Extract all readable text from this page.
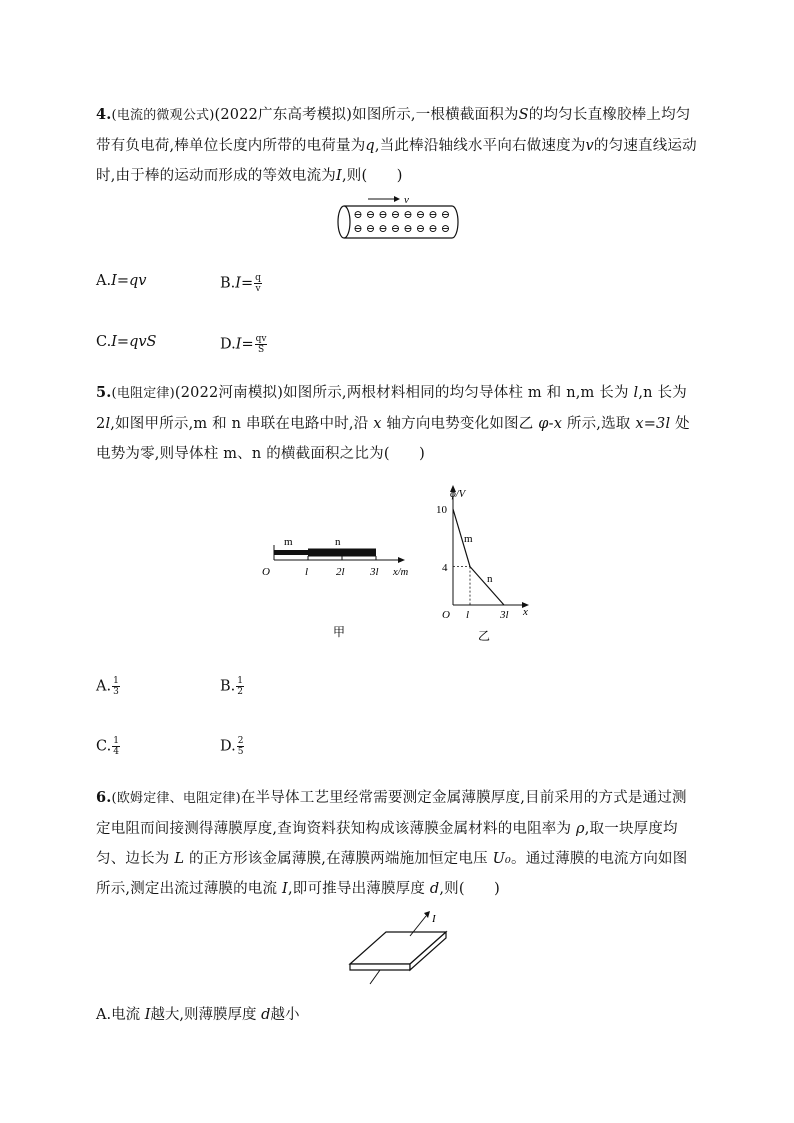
4.(电流的微观公式)(2022广东高考模拟)如图所示,一根横截面积为S的均匀长直橡胶棒上均匀带有负电荷,棒单位长度内所带的电荷量为q,当此棒沿轴线水平向右做速度为v的匀速直线运动时,由于棒的运动而形成的等效电流为I,则(　　)
v
⊖ ⊖ ⊖ ⊖ ⊖ ⊖ ⊖ ⊖
⊖ ⊖ ⊖ ⊖ ⊖ ⊖ ⊖ ⊖
A.I=qv	$B.I= \frac{q}{v}$
C.I=qvS	$D.I= \frac{qv}{S}$
5.(电阻定律)(2022河南模拟)如图所示,两根材料相同的均匀导体柱 m 和 n,m 长为 l,n 长为 2l,如图甲所示,m 和 n 串联在电路中时,沿 x 轴方向电势变化如图乙 φ-x 所示,选取 x=3l 处电势为零,则导体柱 m、n 的横截面积之比为(　　)
m	n
O	l	2l 3l x/m
甲
φ/V
10
4
O l	3l x
m
n
乙
A. $\frac{1}{3}$	B. $\frac{1}{2}$
C. $\frac{1}{4}$	D. $\frac{2}{5}$
6.(欧姆定律、电阻定律)在半导体工艺里经常需要测定金属薄膜厚度,目前采用的方式是通过测定电阻而间接测得薄膜厚度,查询资料获知构成该薄膜金属材料的电阻率为 ρ,取一块厚度均匀、边长为 L 的正方形该金属薄膜,在薄膜两端施加恒定电压 U₀。通过薄膜的电流方向如图所示,测定出流过薄膜的电流 I,即可推导出薄膜厚度 d,则(　　)
I
A.电流 I越大,则薄膜厚度 d越小
